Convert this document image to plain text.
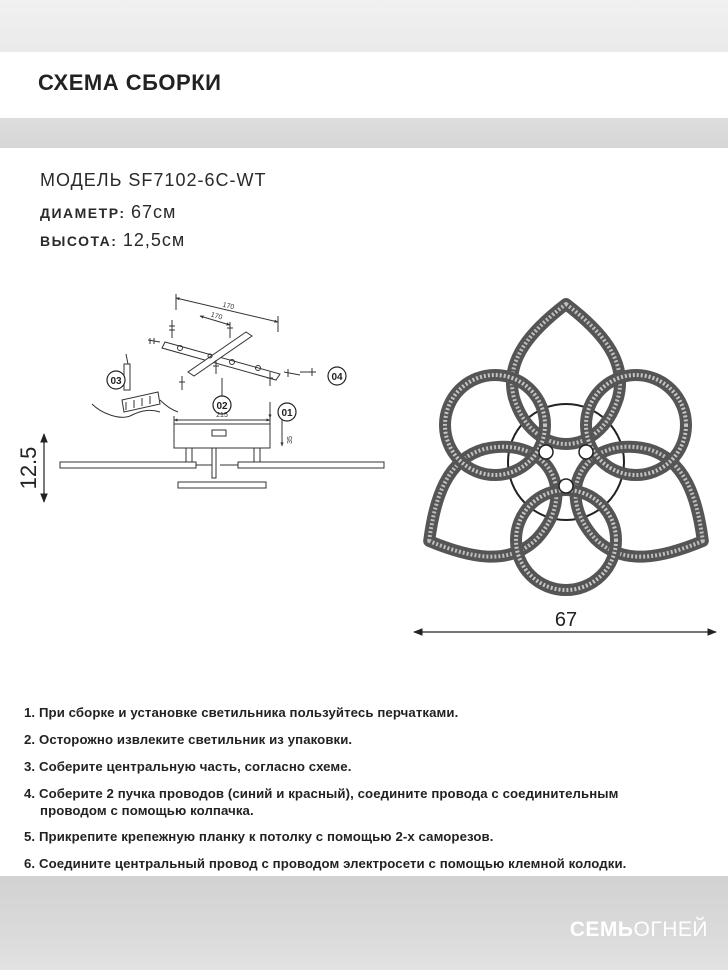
СХЕМА СБОРКИ
МОДЕЛЬ SF7102-6C-WT
ДИАМЕТР: 67см
ВЫСОТА: 12,5см
03
02
01
04
170
170
215
35
12.5
67
1. При сборке и установке светильника пользуйтесь перчатками.
2. Осторожно извлеките светильник из упаковки.
3. Соберите центральную часть, согласно схеме.
4. Соберите 2 пучка проводов (синий и красный), соедините провода с соединительным
проводом с помощью колпачка.
5. Прикрепите крепежную планку к потолку с помощью 2-х саморезов.
6. Соедините центральный провод с проводом электросети с помощью клемной колодки.
СЕМЬОГНЕЙ
